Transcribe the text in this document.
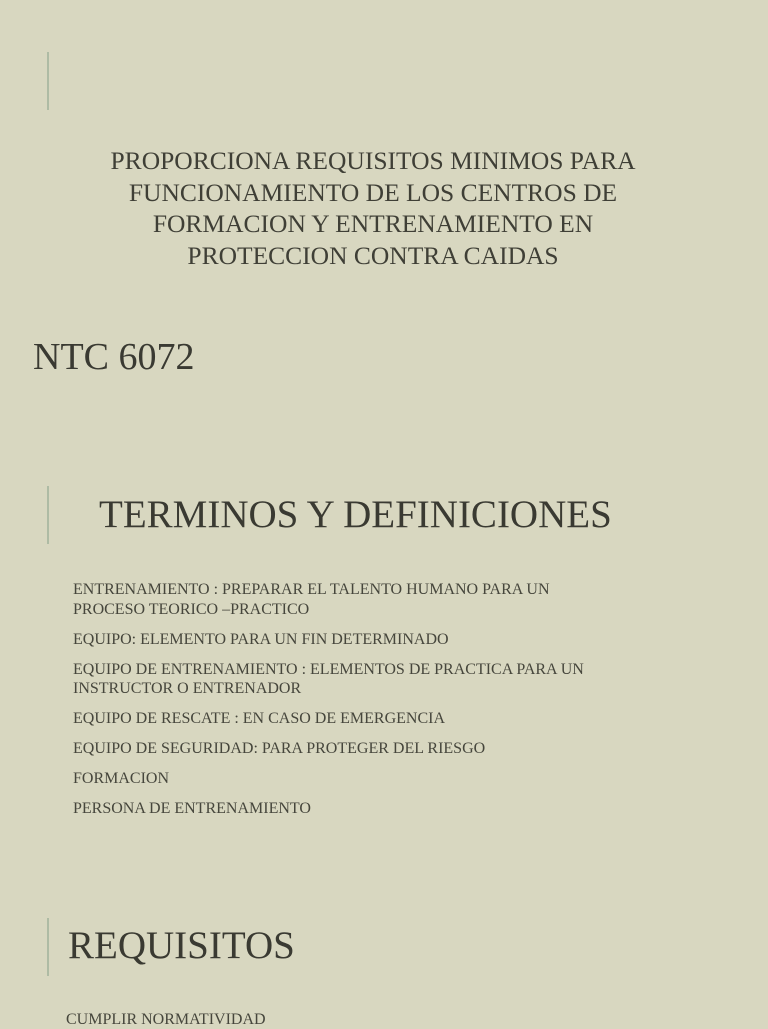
PROPORCIONA REQUISITOS MINIMOS PARA
FUNCIONAMIENTO DE LOS CENTROS DE
FORMACION Y ENTRENAMIENTO EN
PROTECCION CONTRA CAIDAS
NTC 6072
TERMINOS Y DEFINICIONES
ENTRENAMIENTO : PREPARAR EL TALENTO HUMANO PARA UN
PROCESO TEORICO –PRACTICO
EQUIPO: ELEMENTO PARA UN FIN DETERMINADO
EQUIPO DE ENTRENAMIENTO : ELEMENTOS DE PRACTICA PARA UN
INSTRUCTOR O ENTRENADOR
EQUIPO DE RESCATE : EN CASO DE EMERGENCIA
EQUIPO DE SEGURIDAD: PARA PROTEGER DEL RIESGO
FORMACION
PERSONA DE ENTRENAMIENTO
REQUISITOS
CUMPLIR NORMATIVIDAD
